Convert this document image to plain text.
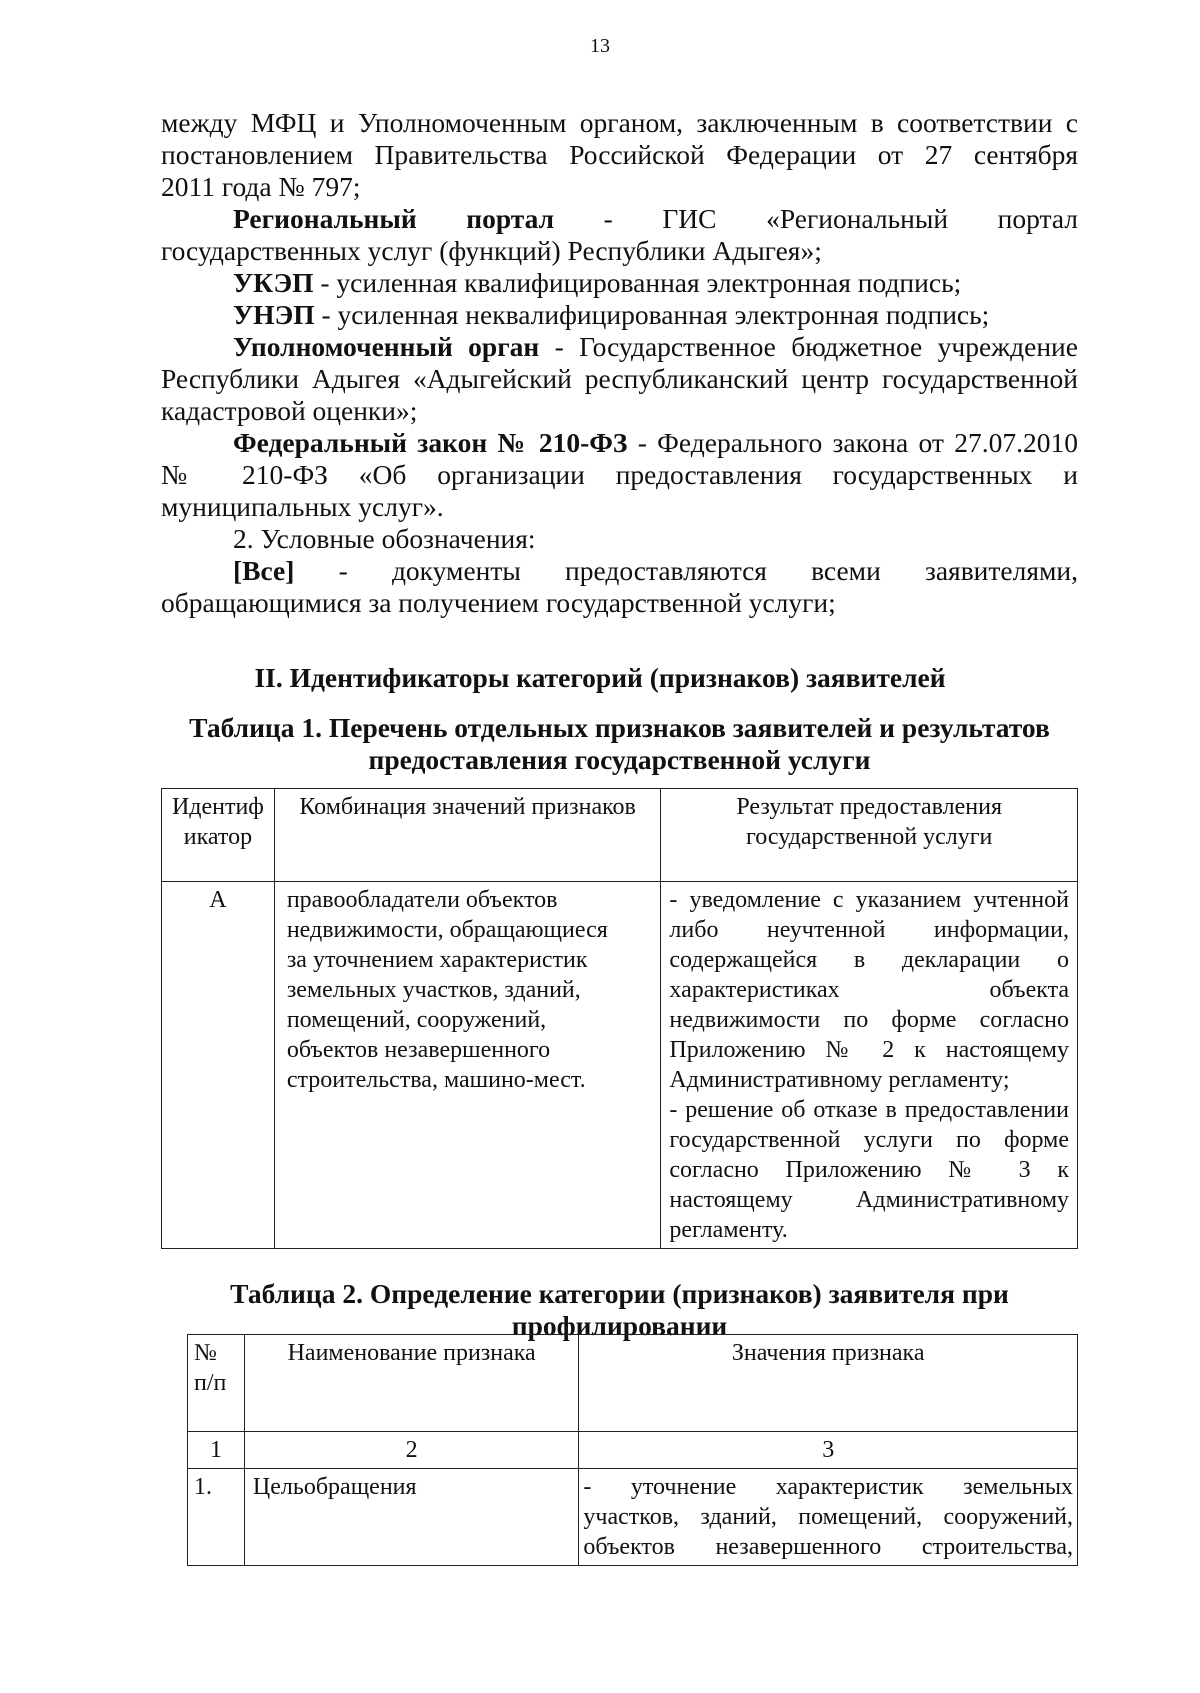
13
между МФЦ и Уполномоченным органом, заключенным в соответствии с
постановлением Правительства Российской Федерации от 27 сентября
2011 года № 797;
Региональный портал - ГИС «Региональный портал
государственных услуг (функций) Республики Адыгея»;
УКЭП - усиленная квалифицированная электронная подпись;
УНЭП - усиленная неквалифицированная электронная подпись;
Уполномоченный орган - Государственное бюджетное учреждение
Республики Адыгея «Адыгейский республиканский центр государственной кадастровой оценки»;
Федеральный закон № 210-ФЗ - Федерального закона от 27.07.2010
№ 210-ФЗ «Об организации предоставления государственных и муниципальных услуг».
2. Условные обозначения:
[Все] - документы предоставляются всеми заявителями,
обращающимися за получением государственной услуги;
II. Идентификаторы категорий (признаков) заявителей
Таблица 1. Перечень отдельных признаков заявителей и результатов
предоставления государственной услуги
Идентификатор	Комбинация значений признаков	Результат предоставления государственной услуги
А	правообладатели объектов недвижимости, обращающиеся за уточнением характеристик земельных участков, зданий, помещений, сооружений, объектов незавершенного строительства, машино-мест.	- уведомление с указанием учтенной либо неучтенной информации, содержащейся в декларации о характеристиках объекта недвижимости по форме согласно Приложению № 2 к настоящему Административному регламенту;
- решение об отказе в предоставлении государственной услуги по форме согласно Приложению № 3 к настоящему Административному регламенту.
Таблица 2. Определение категории (признаков) заявителя при
профилировании
№ п/п	Наименование признака	Значения признака
1	2	3
1.	Цельобращения	- уточнение характеристик земельных участков, зданий, помещений, сооружений, объектов незавершенного строительства,
